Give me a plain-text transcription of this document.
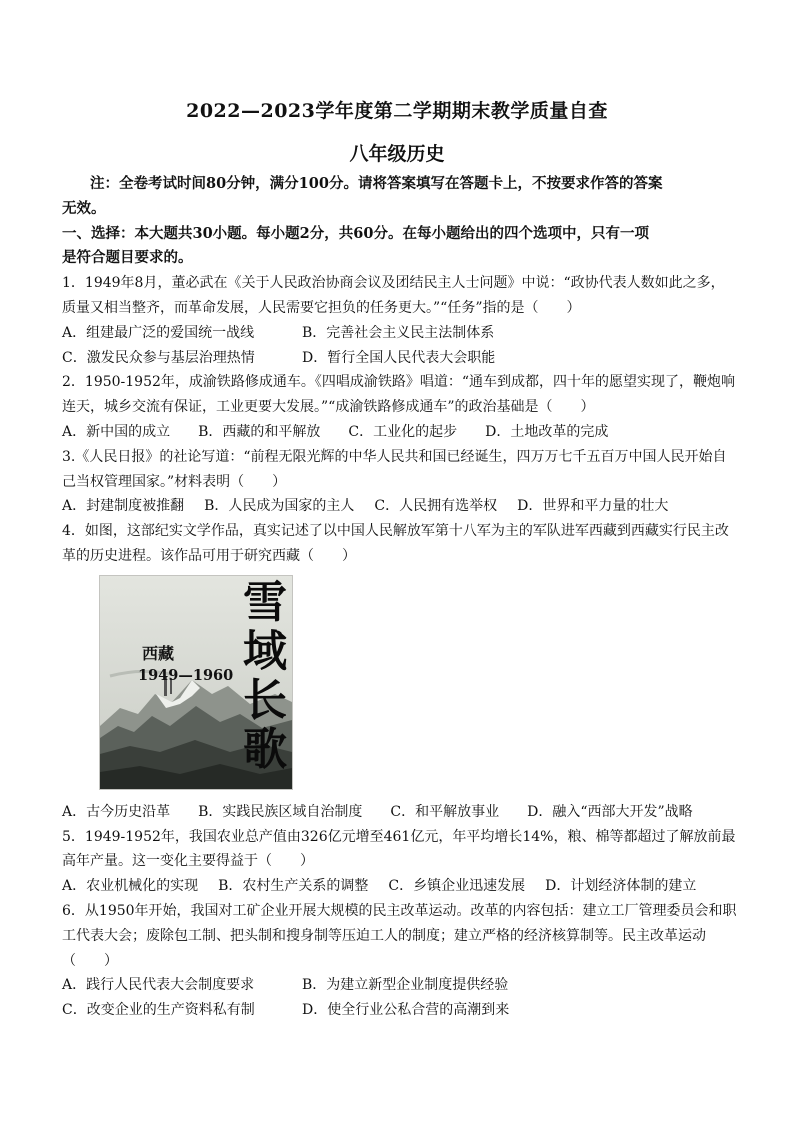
2022—2023学年度第二学期期末教学质量自查
八年级历史

注：全卷考试时间80分钟，满分100分。请将答案填写在答题卡上，不按要求作答的答案

无效。

一、选择：本大题共30小题。每小题2分，共60分。在每小题给出的四个选项中，只有一项

是符合题目要求的。

1．1949年8月，董必武在《关于人民政治协商会议及团结民主人士问题》中说：“政协代表人数如此之多，

质量又相当整齐，而革命发展，人民需要它担负的任务更大。”“任务”指的是（　　）

A．组建最广泛的爱国统一战线	B．完善社会主义民主法制体系
C．激发民众参与基层治理热情	D．暂行全国人民代表大会职能

2．1950-1952年，成渝铁路修成通车。《四唱成渝铁路》唱道：“通车到成都，四十年的愿望实现了，鞭炮响

连天，城乡交流有保证，工业更要大发展。”“成渝铁路修成通车”的政治基础是（　　）

A．新中国的成立 B．西藏的和平解放 C．工业化的起步 D．土地改革的完成

3.《人民日报》的社论写道：“前程无限光辉的中华人民共和国已经诞生，四万万七千五百万中国人民开始自

己当权管理国家。”材料表明（　　）

A．封建制度被推翻 B．人民成为国家的主人 C．人民拥有选举权 D．世界和平力量的壮大

4．如图，这部纪实文学作品，真实记述了以中国人民解放军第十八军为主的军队进军西藏到西藏实行民主改

革的历史进程。该作品可用于研究西藏（　　）

西藏
1949—1960
雪
域
长
歌
A．古今历史沿革 B．实践民族区域自治制度 C．和平解放事业 D．融入“西部大开发”战略

5．1949-1952年，我国农业总产值由326亿元增至461亿元，年平均增长14%，粮、棉等都超过了解放前最

高年产量。这一变化主要得益于（　　）

A．农业机械化的实现 B．农村生产关系的调整 C．乡镇企业迅速发展 D．计划经济体制的建立

6．从1950年开始，我国对工矿企业开展大规模的民主改革运动。改革的内容包括：建立工厂管理委员会和职

工代表大会；废除包工制、把头制和搜身制等压迫工人的制度；建立严格的经济核算制等。民主改革运动

（　　）

A．践行人民代表大会制度要求	B．为建立新型企业制度提供经验
C．改变企业的生产资料私有制	D．使全行业公私合营的高潮到来
